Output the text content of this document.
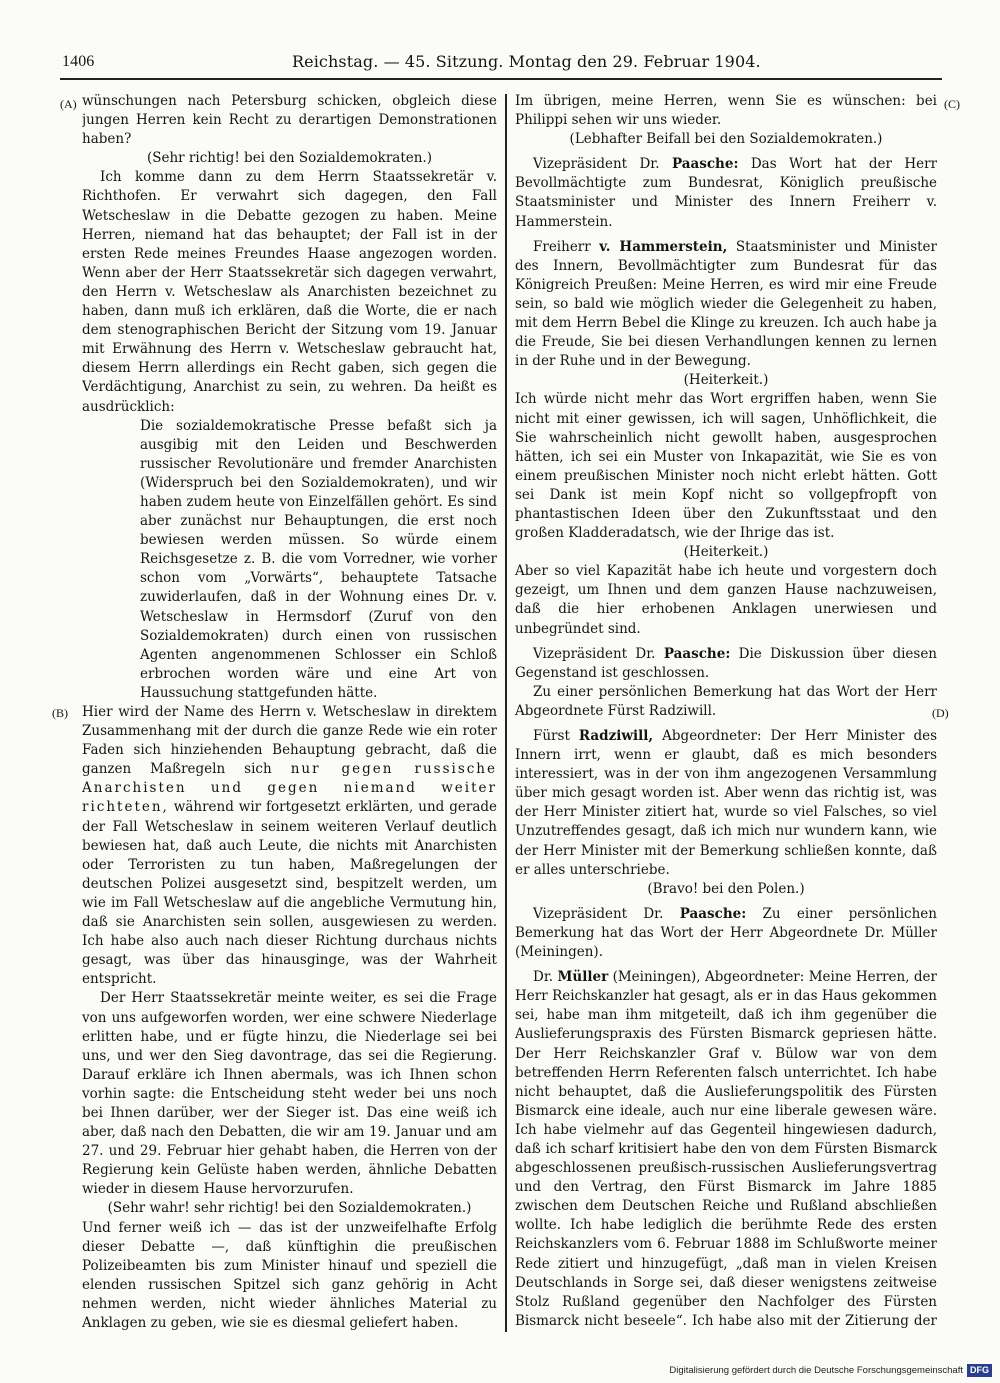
1406	Reichstag. — 45. Sitzung. Montag den 29. Februar 1904.
(A)
(B)
(C)
(D)

wünschungen nach Petersburg schicken, obgleich diese jungen Herren kein Recht zu derartigen Demonstrationen haben?

(Sehr richtig! bei den Sozialdemokraten.)

Ich komme dann zu dem Herrn Staatssekretär v. Richthofen. Er verwahrt sich dagegen, den Fall Wetscheslaw in die Debatte gezogen zu haben. Meine Herren, niemand hat das behauptet; der Fall ist in der ersten Rede meines Freundes Haase angezogen worden. Wenn aber der Herr Staatssekretär sich dagegen verwahrt, den Herrn v. Wetscheslaw als Anarchisten bezeichnet zu haben, dann muß ich erklären, daß die Worte, die er nach dem stenographischen Bericht der Sitzung vom 19. Januar mit Erwähnung des Herrn v. Wetscheslaw gebraucht hat, diesem Herrn allerdings ein Recht gaben, sich gegen die Verdächtigung, Anarchist zu sein, zu wehren. Da heißt es ausdrücklich:

Die sozialdemokratische Presse befaßt sich ja ausgibig mit den Leiden und Beschwerden russischer Revolutionäre und fremder Anarchisten (Widerspruch bei den Sozialdemokraten), und wir haben zudem heute von Einzelfällen gehört. Es sind aber zunächst nur Behauptungen, die erst noch bewiesen werden müssen. So würde einem Reichsgesetze z. B. die vom Vorredner, wie vorher schon vom „Vorwärts“, behauptete Tatsache zuwiderlaufen, daß in der Wohnung eines Dr. v. Wetscheslaw in Hermsdorf (Zuruf von den Sozialdemokraten) durch einen von russischen Agenten angenommenen Schlosser ein Schloß erbrochen worden wäre und eine Art von Haussuchung stattgefunden hätte.

Hier wird der Name des Herrn v. Wetscheslaw in direktem Zusammenhang mit der durch die ganze Rede wie ein roter Faden sich hinziehenden Behauptung gebracht, daß die ganzen Maßregeln sich nur gegen russische Anarchisten und gegen niemand weiter richteten, während wir fortgesetzt erklärten, und gerade der Fall Wetscheslaw in seinem weiteren Verlauf deutlich bewiesen hat, daß auch Leute, die nichts mit Anarchisten oder Terroristen zu tun haben, Maßregelungen der deutschen Polizei ausgesetzt sind, bespitzelt werden, um wie im Fall Wetscheslaw auf die angebliche Vermutung hin, daß sie Anarchisten sein sollen, ausgewiesen zu werden. Ich habe also auch nach dieser Richtung durchaus nichts gesagt, was über das hinausginge, was der Wahrheit entspricht.

Der Herr Staatssekretär meinte weiter, es sei die Frage von uns aufgeworfen worden, wer eine schwere Niederlage erlitten habe, und er fügte hinzu, die Niederlage sei bei uns, und wer den Sieg davontrage, das sei die Regierung. Darauf erkläre ich Ihnen abermals, was ich Ihnen schon vorhin sagte: die Entscheidung steht weder bei uns noch bei Ihnen darüber, wer der Sieger ist. Das eine weiß ich aber, daß nach den Debatten, die wir am 19. Januar und am 27. und 29. Februar hier gehabt haben, die Herren von der Regierung kein Gelüste haben werden, ähnliche Debatten wieder in diesem Hause hervorzurufen.

(Sehr wahr! sehr richtig! bei den Sozialdemokraten.)

Und ferner weiß ich — das ist der unzweifelhafte Erfolg dieser Debatte —, daß künftighin die preußischen Polizeibeamten bis zum Minister hinauf und speziell die elenden russischen Spitzel sich ganz gehörig in Acht nehmen werden, nicht wieder ähnliches Material zu Anklagen zu geben, wie sie es diesmal geliefert haben.

Im übrigen, meine Herren, wenn Sie es wünschen: bei Philippi sehen wir uns wieder.

(Lebhafter Beifall bei den Sozialdemokraten.)

Vizepräsident Dr. Paasche: Das Wort hat der Herr Bevollmächtigte zum Bundesrat, Königlich preußische Staatsminister und Minister des Innern Freiherr v. Hammerstein.

Freiherr v. Hammerstein, Staatsminister und Minister des Innern, Bevollmächtigter zum Bundesrat für das Königreich Preußen: Meine Herren, es wird mir eine Freude sein, so bald wie möglich wieder die Gelegenheit zu haben, mit dem Herrn Bebel die Klinge zu kreuzen. Ich auch habe ja die Freude, Sie bei diesen Verhandlungen kennen zu lernen in der Ruhe und in der Bewegung.

(Heiterkeit.)

Ich würde nicht mehr das Wort ergriffen haben, wenn Sie nicht mit einer gewissen, ich will sagen, Unhöflichkeit, die Sie wahrscheinlich nicht gewollt haben, ausgesprochen hätten, ich sei ein Muster von Inkapazität, wie Sie es von einem preußischen Minister noch nicht erlebt hätten. Gott sei Dank ist mein Kopf nicht so vollgepfropft von phantastischen Ideen über den Zukunftsstaat und den großen Kladderadatsch, wie der Ihrige das ist.

(Heiterkeit.)

Aber so viel Kapazität habe ich heute und vorgestern doch gezeigt, um Ihnen und dem ganzen Hause nachzuweisen, daß die hier erhobenen Anklagen unerwiesen und unbegründet sind.

Vizepräsident Dr. Paasche: Die Diskussion über diesen Gegenstand ist geschlossen.

Zu einer persönlichen Bemerkung hat das Wort der Herr Abgeordnete Fürst Radziwill.

Fürst Radziwill, Abgeordneter: Der Herr Minister des Innern irrt, wenn er glaubt, daß es mich besonders interessiert, was in der von ihm angezogenen Versammlung über mich gesagt worden ist. Aber wenn das richtig ist, was der Herr Minister zitiert hat, wurde so viel Falsches, so viel Unzutreffendes gesagt, daß ich mich nur wundern kann, wie der Herr Minister mit der Bemerkung schließen konnte, daß er alles unterschriebe.

(Bravo! bei den Polen.)

Vizepräsident Dr. Paasche: Zu einer persönlichen Bemerkung hat das Wort der Herr Abgeordnete Dr. Müller (Meiningen).

Dr. Müller (Meiningen), Abgeordneter: Meine Herren, der Herr Reichskanzler hat gesagt, als er in das Haus gekommen sei, habe man ihm mitgeteilt, daß ich ihm gegenüber die Auslieferungspraxis des Fürsten Bismarck gepriesen hätte. Der Herr Reichskanzler Graf v. Bülow war von dem betreffenden Herrn Referenten falsch unterrichtet. Ich habe nicht behauptet, daß die Auslieferungspolitik des Fürsten Bismarck eine ideale, auch nur eine liberale gewesen wäre. Ich habe vielmehr auf das Gegenteil hingewiesen dadurch, daß ich scharf kritisiert habe den von dem Fürsten Bismarck abgeschlossenen preußisch-russischen Auslieferungsvertrag und den Vertrag, den Fürst Bismarck im Jahre 1885 zwischen dem Deutschen Reiche und Rußland abschließen wollte. Ich habe lediglich die berühmte Rede des ersten Reichskanzlers vom 6. Februar 1888 im Schlußworte meiner Rede zitiert und hinzugefügt, „daß man in vielen Kreisen Deutschlands in Sorge sei, daß dieser wenigstens zeitweise Stolz Rußland gegenüber den Nachfolger des Fürsten Bismarck nicht beseele“. Ich habe also mit der Zitierung der

Digitalisierung gefördert durch die Deutsche Forschungsgemeinschaft DFG
